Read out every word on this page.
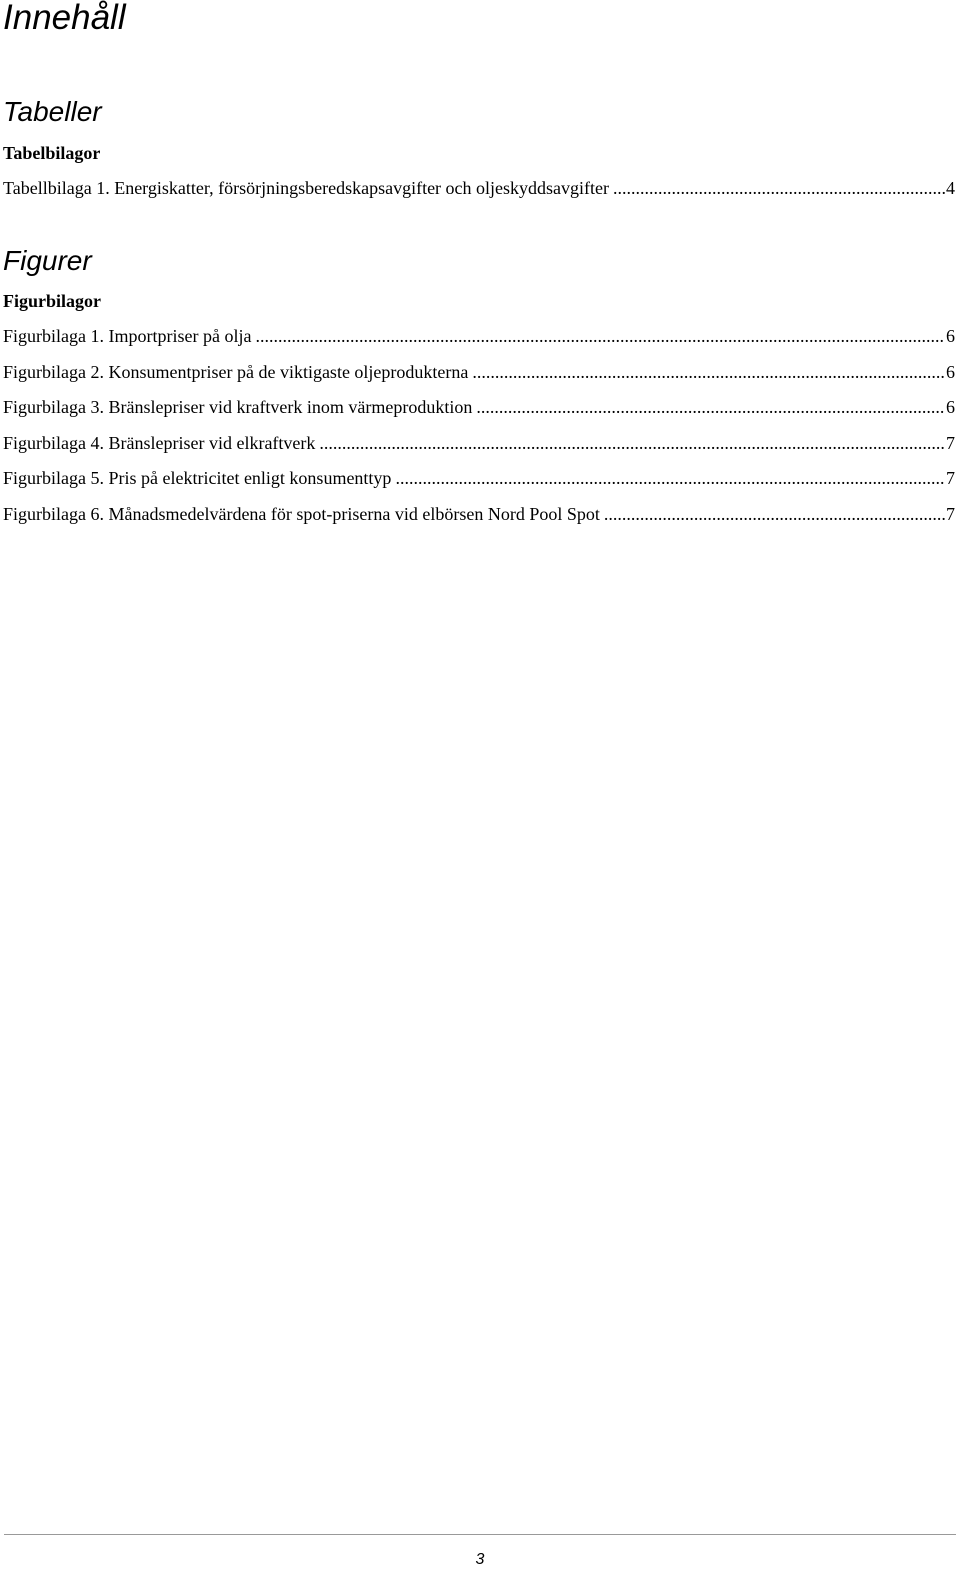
Innehåll
Tabeller
Tabelbilagor
Tabellbilaga 1. Energiskatter, försörjningsberedskapsavgifter och oljeskyddsavgifter .....	4
Figurer
Figurbilagor
Figurbilaga 1. Importpriser på olja .....	6
Figurbilaga 2. Konsumentpriser på de viktigaste oljeprodukterna .....	6
Figurbilaga 3. Bränslepriser vid kraftverk inom värmeproduktion .....	6
Figurbilaga 4. Bränslepriser vid elkraftverk .....	7
Figurbilaga 5. Pris på elektricitet enligt konsumenttyp .....	7
Figurbilaga 6. Månadsmedelvärdena för spot-priserna vid elbörsen Nord Pool Spot .....	7
3
